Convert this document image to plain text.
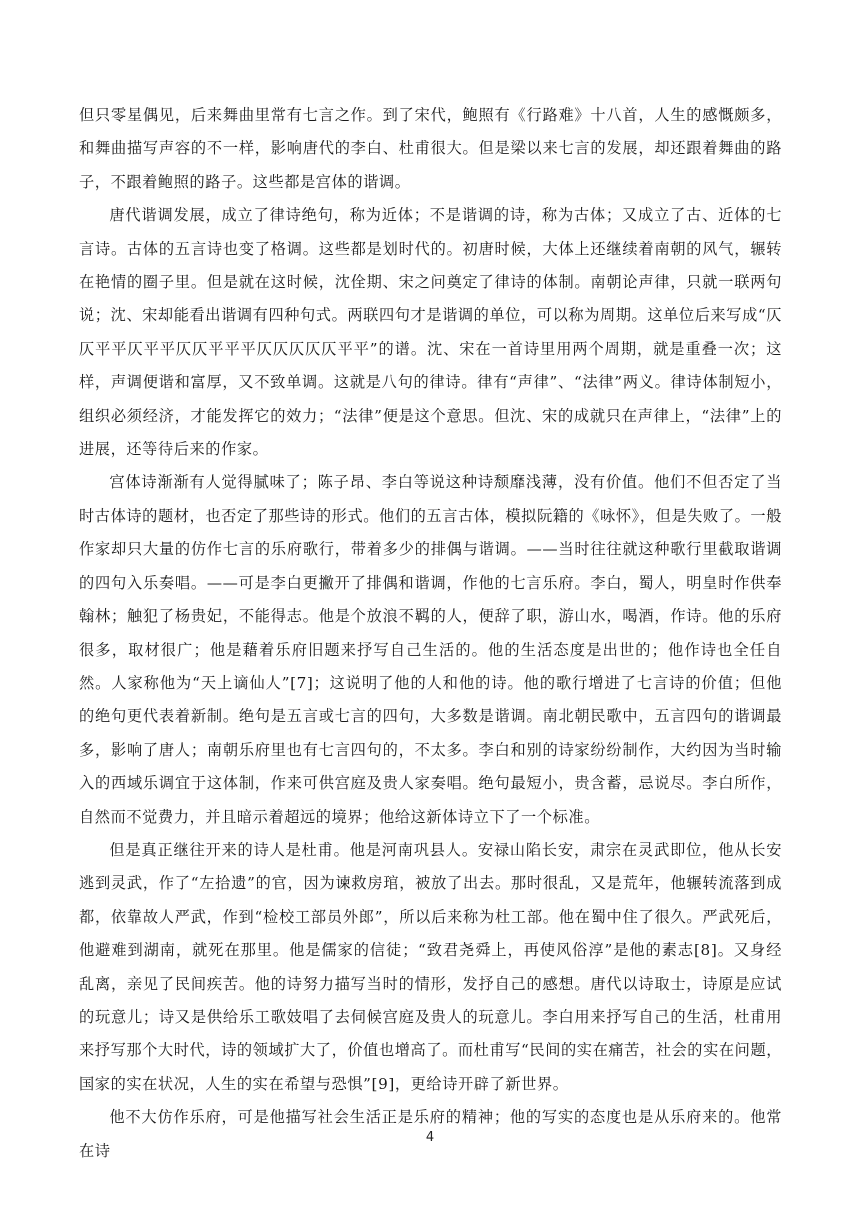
但只零星偶见，后来舞曲里常有七言之作。到了宋代，鲍照有《行路难》十八首，人生的感慨颇多，和舞曲描写声容的不一样，影响唐代的李白、杜甫很大。但是梁以来七言的发展，却还跟着舞曲的路子，不跟着鲍照的路子。这些都是宫体的谐调。

唐代谐调发展，成立了律诗绝句，称为近体；不是谐调的诗，称为古体；又成立了古、近体的七言诗。古体的五言诗也变了格调。这些都是划时代的。初唐时候，大体上还继续着南朝的风气，辗转在艳情的圈子里。但是就在这时候，沈佺期、宋之问奠定了律诗的体制。南朝论声律，只就一联两句说；沈、宋却能看出谐调有四种句式。两联四句才是谐调的单位，可以称为周期。这单位后来写成“仄仄平平仄平平仄仄平平平仄仄仄仄仄平平”的谱。沈、宋在一首诗里用两个周期，就是重叠一次；这样，声调便谐和富厚，又不致单调。这就是八句的律诗。律有“声律”、“法律”两义。律诗体制短小，组织必须经济，才能发挥它的效力；“法律”便是这个意思。但沈、宋的成就只在声律上，“法律”上的进展，还等待后来的作家。

宫体诗渐渐有人觉得腻味了；陈子昂、李白等说这种诗颓靡浅薄，没有价值。他们不但否定了当时古体诗的题材，也否定了那些诗的形式。他们的五言古体，模拟阮籍的《咏怀》，但是失败了。一般作家却只大量的仿作七言的乐府歌行，带着多少的排偶与谐调。——当时往往就这种歌行里截取谐调的四句入乐奏唱。——可是李白更撇开了排偶和谐调，作他的七言乐府。李白，蜀人，明皇时作供奉翰林；触犯了杨贵妃，不能得志。他是个放浪不羁的人，便辞了职，游山水，喝酒，作诗。他的乐府很多，取材很广；他是藉着乐府旧题来抒写自己生活的。他的生活态度是出世的；他作诗也全任自然。人家称他为“天上谪仙人”[7]；这说明了他的人和他的诗。他的歌行增进了七言诗的价值；但他的绝句更代表着新制。绝句是五言或七言的四句，大多数是谐调。南北朝民歌中，五言四句的谐调最多，影响了唐人；南朝乐府里也有七言四句的，不太多。李白和别的诗家纷纷制作，大约因为当时输入的西域乐调宜于这体制，作来可供宫庭及贵人家奏唱。绝句最短小，贵含蓄，忌说尽。李白所作，自然而不觉费力，并且暗示着超远的境界；他给这新体诗立下了一个标准。

但是真正继往开来的诗人是杜甫。他是河南巩县人。安禄山陷长安，肃宗在灵武即位，他从长安逃到灵武，作了“左拾遗”的官，因为谏救房琯，被放了出去。那时很乱，又是荒年，他辗转流落到成都，依靠故人严武，作到“检校工部员外郎”，所以后来称为杜工部。他在蜀中住了很久。严武死后，他避难到湖南，就死在那里。他是儒家的信徒；“致君尧舜上，再使风俗淳”是他的素志[8]。又身经乱离，亲见了民间疾苦。他的诗努力描写当时的情形，发抒自己的感想。唐代以诗取士，诗原是应试的玩意儿；诗又是供给乐工歌妓唱了去伺候宫庭及贵人的玩意儿。李白用来抒写自己的生活，杜甫用来抒写那个大时代，诗的领域扩大了，价值也增高了。而杜甫写“民间的实在痛苦，社会的实在问题，国家的实在状况，人生的实在希望与恐惧”[9]，更给诗开辟了新世界。

他不大仿作乐府，可是他描写社会生活正是乐府的精神；他的写实的态度也是从乐府来的。他常在诗

4
